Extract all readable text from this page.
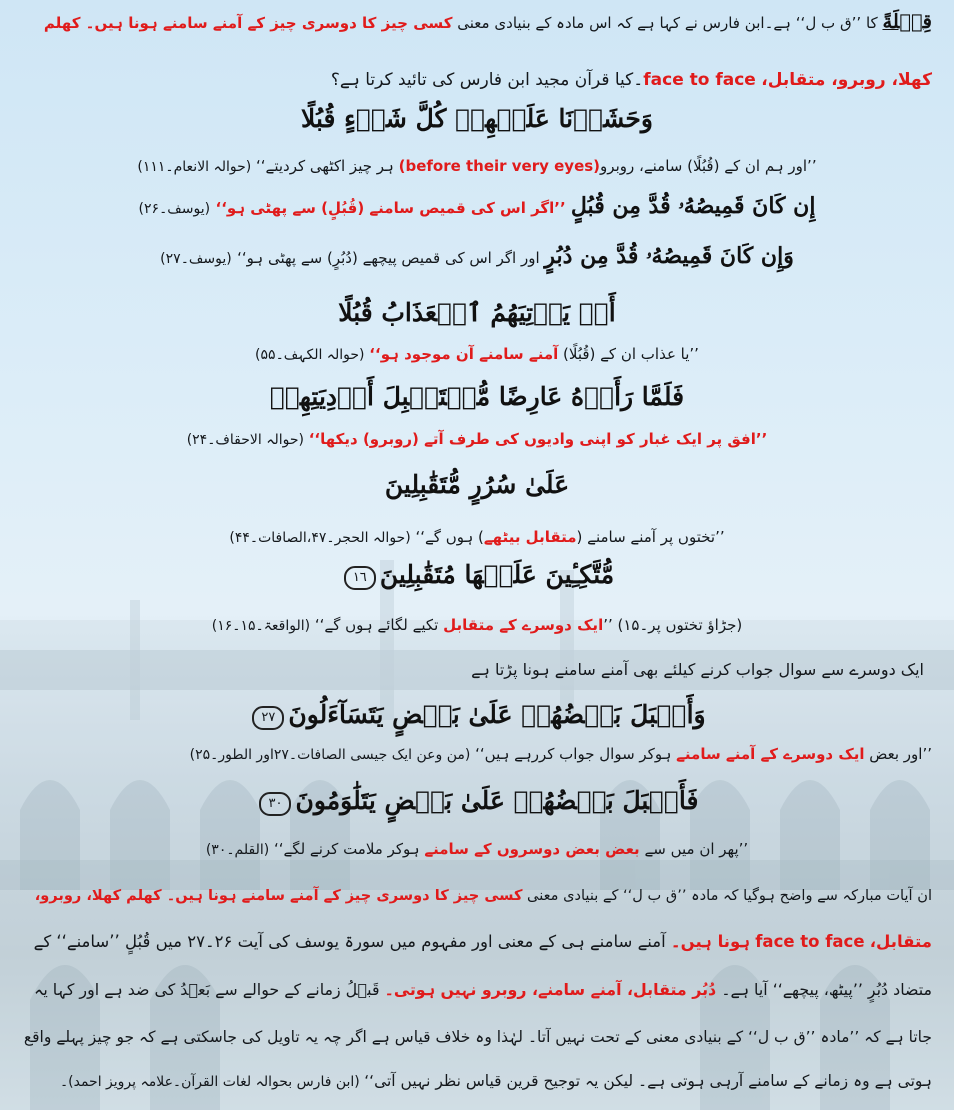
قِبۡلَةً کا ’’ق ب ل‘‘ ہے۔ابن فارس نے کہا ہے کہ اس مادہ کے بنیادی معنی کسی چیز کا دوسری چیز کے آمنے سامنے ہونا ہیں۔ کھلم
کھلا، روبرو، متقابل، face to face۔کیا قرآن مجید ابن فارس کی تائید کرتا ہے؟
وَحَشَرۡنَا عَلَيۡهِمۡ كُلَّ شَىۡءٍ قُبُلًا
’’اور ہم ان کے (قُبُلًا) سامنے، روبرو(before their very eyes) ہر چیز اکٹھی کردیتے‘‘ (حوالہ الانعام۔۱۱۱)
إِن كَانَ قَمِيصُهُۥ قُدَّ مِن قُبُلٍ ’’اگر اس کی قمیص سامنے (قُبُلٍ) سے پھٹی ہو‘‘ (یوسف۔۲۶)
وَإِن كَانَ قَمِيصُهُۥ قُدَّ مِن دُبُرٍ اور اگر اس کی قمیص پیچھے (دُبُرٍ) سے پھٹی ہو‘‘ (یوسف۔۲۷)
أَوۡ يَأۡتِيَهُمُ ٱلۡعَذَابُ قُبُلًا
’’یا عذاب ان کے (قُبُلًا) آمنے سامنے آن موجود ہو‘‘ (حوالہ الکہف۔۵۵)
فَلَمَّا رَأَوۡهُ عَارِضًا مُّسۡتَقۡبِلَ أَوۡدِيَتِهِمۡ
’’افق پر ایک غبار کو اپنی وادیوں کی طرف آتے (روبرو) دیکھا‘‘ (حوالہ الاحقاف۔۲۴)
عَلَىٰ سُرُرٍ مُّتَقَٰبِلِينَ
’’تختوں پر آمنے سامنے (متقابل بیٹھے) ہوں گے‘‘ (حوالہ الحجر۔۴۷،الصافات۔۴۴)
مُّتَّكِـِٔينَ عَلَيۡهَا مُتَقَٰبِلِينَ١٦
(جڑاؤ تختوں پر۔۱۵) ’’ایک دوسرے کے متقابل تکیے لگائے ہوں گے‘‘ (الواقعۃ۔۱۵۔۱۶)
ایک دوسرے سے سوال جواب کرنے کیلئے بھی آمنے سامنے ہونا پڑتا ہے
وَأَقۡبَلَ بَعۡضُهُمۡ عَلَىٰ بَعۡضٍ يَتَسَآءَلُونَ٢٧
’’اور بعض ایک دوسرے کے آمنے سامنے ہوکر سوال جواب کررہے ہیں‘‘ (من وعن ایک جیسی الصافات۔۲۷اور الطور۔۲۵)
فَأَقۡبَلَ بَعۡضُهُمۡ عَلَىٰ بَعۡضٍ يَتَلَٰوَمُونَ٣٠
’’پھر ان میں سے بعض بعض دوسروں کے سامنے ہوکر ملامت کرنے لگے‘‘ (القلم۔۳۰)
ان آیات مبارکہ سے واضح ہوگیا کہ مادہ ’’ق ب ل‘‘ کے بنیادی معنی کسی چیز کا دوسری چیز کے آمنے سامنے ہونا ہیں۔ کھلم کھلا، روبرو،
متقابل، face to face ہونا ہیں۔ آمنے سامنے ہی کے معنی اور مفہوم میں سورۃ یوسف کی آیت ۲۶۔۲۷ میں قُبُلٍ ’’سامنے‘‘ کے
متضاد دُبُرٍ ’’پیٹھ، پیچھے‘‘ آیا ہے۔ دُبُر متقابل، آمنے سامنے، روبرو نہیں ہوتی۔ قَبۡلُ زمانے کے حوالے سے بَعۡدُ کی ضد ہے اور کہا یہ
جاتا ہے کہ ’’مادہ ’’ق ب ل‘‘ کے بنیادی معنی کے تحت نہیں آتا۔ لہٰذا وہ خلاف قیاس ہے اگر چہ یہ تاویل کی جاسکتی ہے کہ جو چیز پہلے واقع
ہوتی ہے وہ زمانے کے سامنے آرہی ہوتی ہے۔ لیکن یہ توجیح قرین قیاس نظر نہیں آتی‘‘ (ابن فارس بحوالہ لغات القرآن۔علامہ پرویز احمد)۔
